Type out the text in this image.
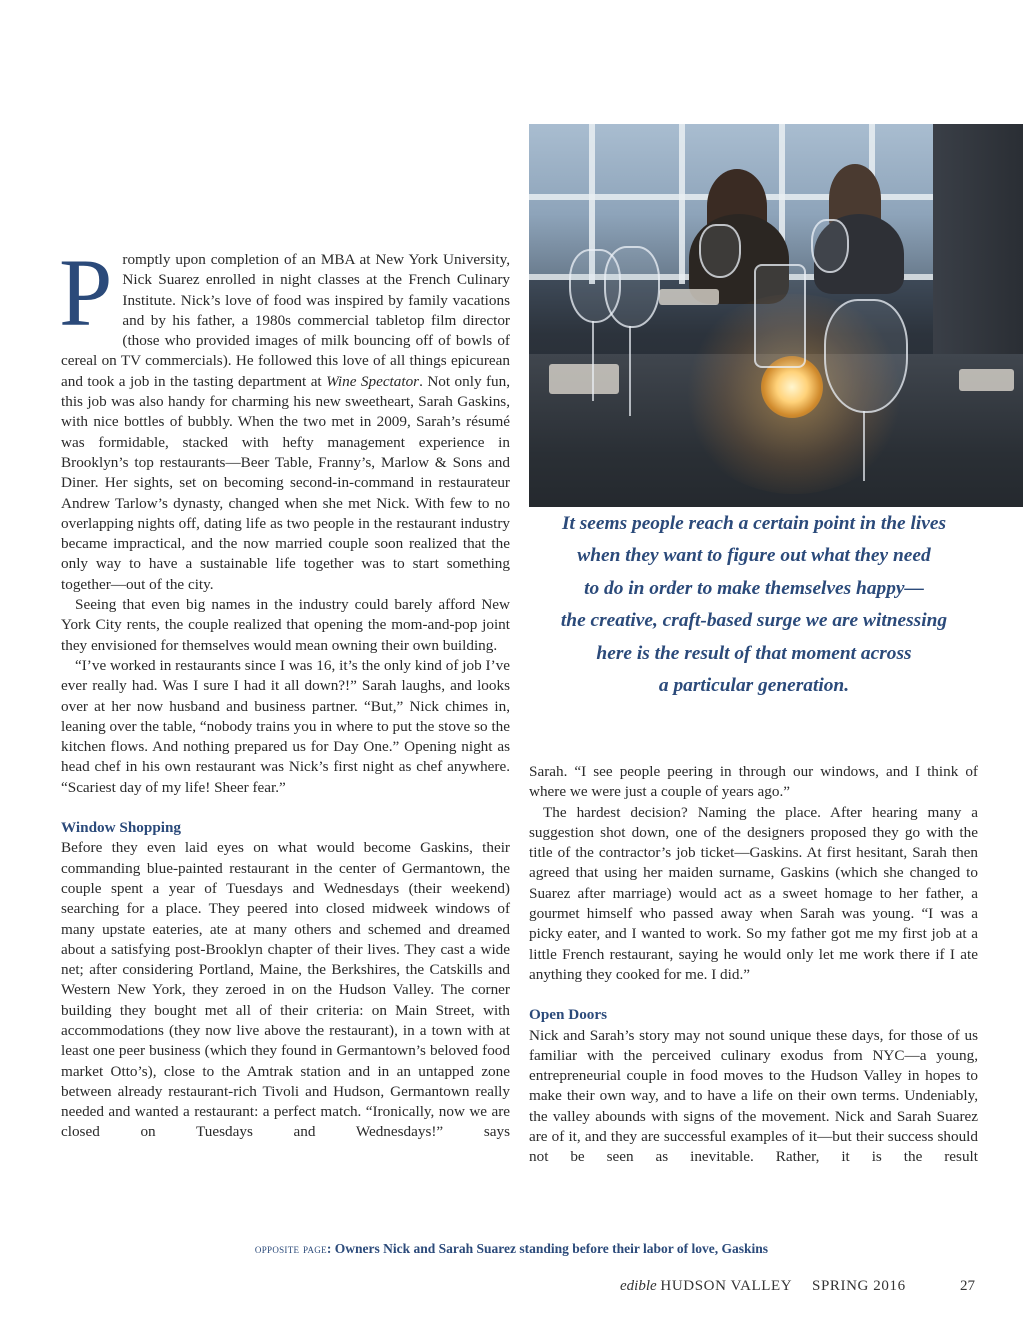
Promptly upon completion of an MBA at New York University, Nick Suarez enrolled in night classes at the French Culinary Institute. Nick’s love of food was inspired by family vacations and by his father, a 1980s commercial tabletop film director (those who provided images of milk bouncing off of bowls of cereal on TV commercials). He followed this love of all things epicurean and took a job in the tasting department at Wine Spectator. Not only fun, this job was also handy for charming his new sweetheart, Sarah Gaskins, with nice bottles of bubbly. When the two met in 2009, Sarah’s résumé was formidable, stacked with hefty management experience in Brooklyn’s top restaurants—Beer Table, Franny’s, Marlow & Sons and Diner. Her sights, set on becoming second-in-command in restaurateur Andrew Tarlow’s dynasty, changed when she met Nick. With few to no overlapping nights off, dating life as two people in the restaurant industry became impractical, and the now married couple soon realized that the only way to have a sustainable life together was to start something together—out of the city.

Seeing that even big names in the industry could barely afford New York City rents, the couple realized that opening the mom-and-pop joint they envisioned for themselves would mean owning their own building.

“I’ve worked in restaurants since I was 16, it’s the only kind of job I’ve ever really had. Was I sure I had it all down?!” Sarah laughs, and looks over at her now husband and business partner. “But,” Nick chimes in, leaning over the table, “nobody trains you in where to put the stove so the kitchen flows. And nothing prepared us for Day One.” Opening night as head chef in his own restaurant was Nick’s first night as chef anywhere. “Scariest day of my life! Sheer fear.”

Window Shopping

Before they even laid eyes on what would become Gaskins, their commanding blue-painted restaurant in the center of Germantown, the couple spent a year of Tuesdays and Wednesdays (their weekend) searching for a place. They peered into closed midweek windows of many upstate eateries, ate at many others and schemed and dreamed about a satisfying post-Brooklyn chapter of their lives. They cast a wide net; after considering Portland, Maine, the Berkshires, the Catskills and Western New York, they zeroed in on the Hudson Valley. The corner building they bought met all of their criteria: on Main Street, with accommodations (they now live above the restaurant), in a town with at least one peer business (which they found in Germantown’s beloved food market Otto’s), close to the Amtrak station and in an untapped zone between already restaurant-rich Tivoli and Hudson, Germantown really needed and wanted a restaurant: a perfect match. “Ironically, now we are closed on Tuesdays and Wednesdays!” says

It seems people reach a certain point in the lives
when they want to figure out what they need
to do in order to make themselves happy—
the creative, craft-based surge we are witnessing
here is the result of that moment across
a particular generation.

Sarah. “I see people peering in through our windows, and I think of where we were just a couple of years ago.”

The hardest decision? Naming the place. After hearing many a suggestion shot down, one of the designers proposed they go with the title of the contractor’s job ticket—Gaskins. At first hesitant, Sarah then agreed that using her maiden surname, Gaskins (which she changed to Suarez after marriage) would act as a sweet homage to her father, a gourmet himself who passed away when Sarah was young. “I was a picky eater, and I wanted to work. So my father got me my first job at a little French restaurant, saying he would only let me work there if I ate anything they cooked for me. I did.”

Open Doors

Nick and Sarah’s story may not sound unique these days, for those of us familiar with the perceived culinary exodus from NYC—a young, entrepreneurial couple in food moves to the Hudson Valley in hopes to make their own way, and to have a life on their own terms. Undeniably, the valley abounds with signs of the movement. Nick and Sarah Suarez are of it, and they are successful examples of it—but their success should not be seen as inevitable. Rather, it is the result

opposite page: Owners Nick and Sarah Suarez standing before their labor of love, Gaskins
edible HUDSON VALLEY SPRING 2016	27
